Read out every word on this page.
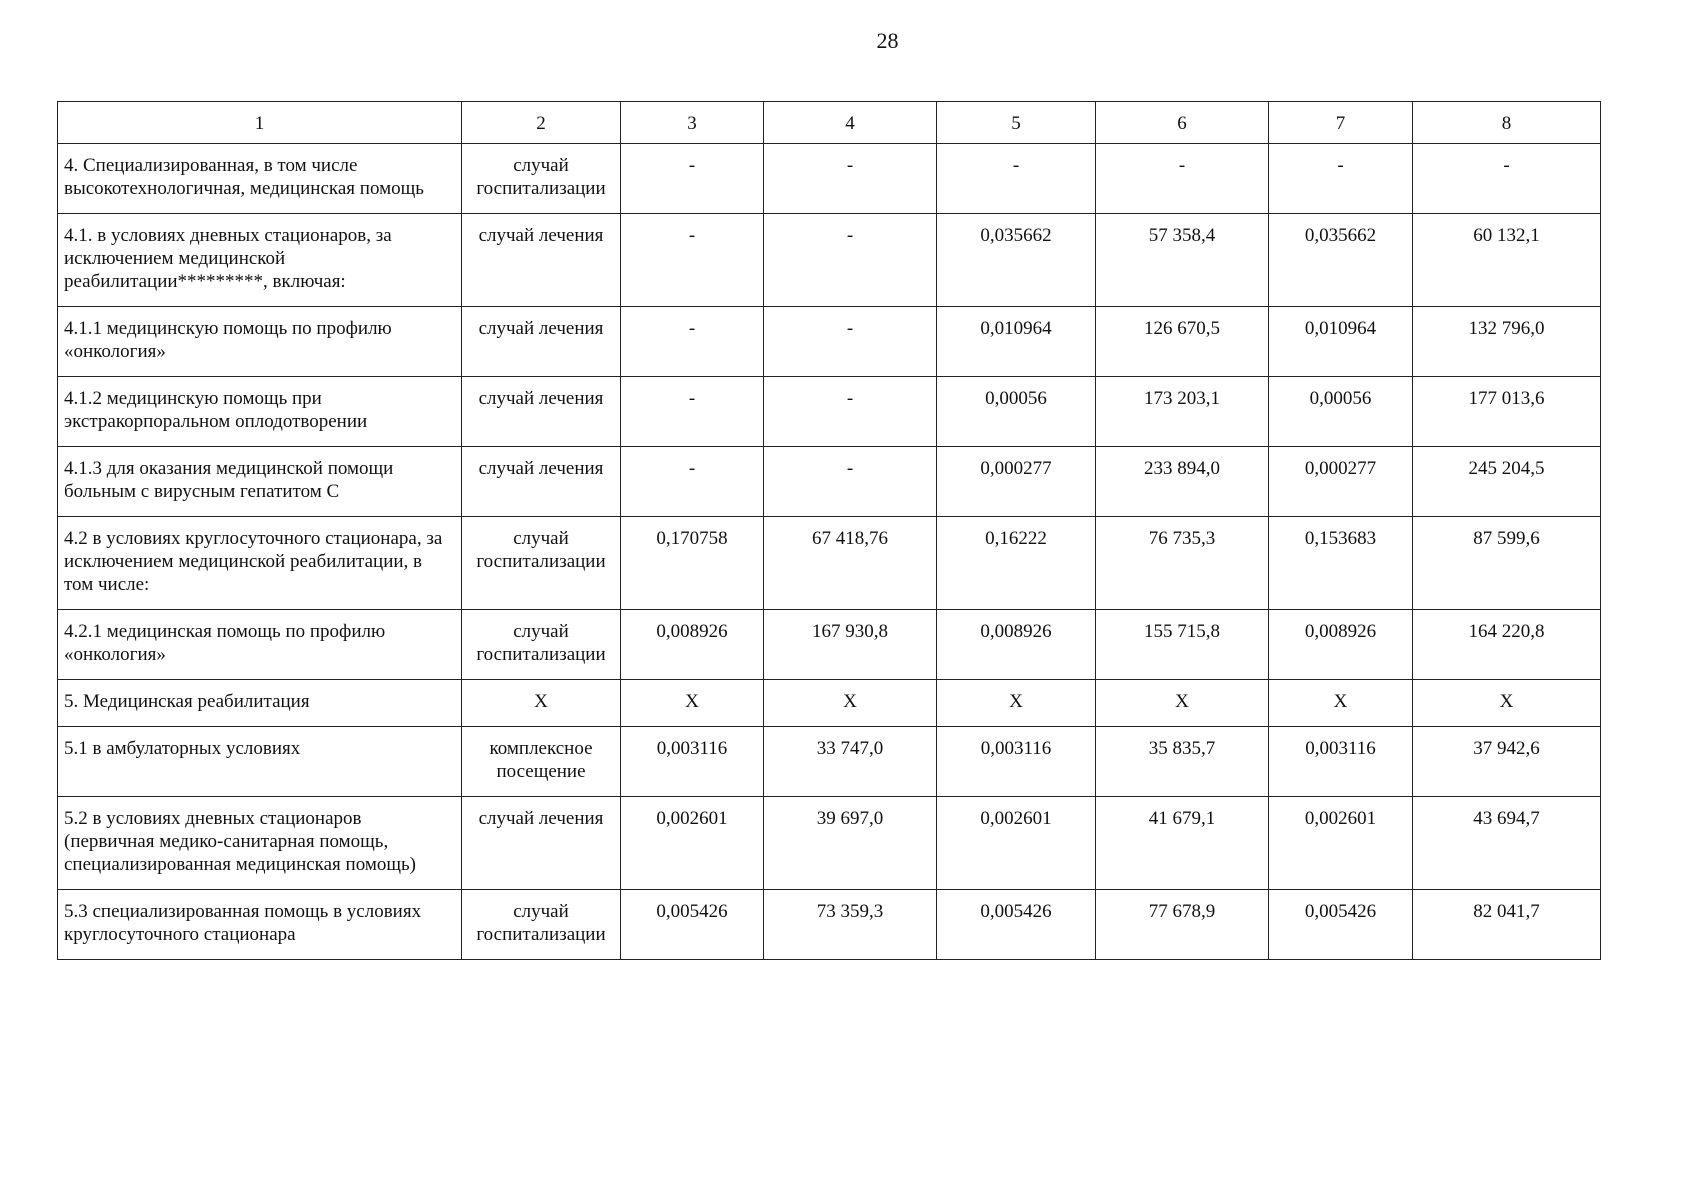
28
1	2	3	4	5	6	7	8
4. Специализированная, в том числе высокотехнологичная, медицинская помощь	случай госпитализации	-	-	-	-	-	-
4.1. в условиях дневных стационаров, за исключением медицинской реабилитации*********, включая:	случай лечения	-	-	0,035662	57 358,4	0,035662	60 132,1
4.1.1 медицинскую помощь по профилю «онкология»	случай лечения	-	-	0,010964	126 670,5	0,010964	132 796,0
4.1.2 медицинскую помощь при экстракорпоральном оплодотворении	случай лечения	-	-	0,00056	173 203,1	0,00056	177 013,6
4.1.3 для оказания медицинской помощи больным с вирусным гепатитом С	случай лечения	-	-	0,000277	233 894,0	0,000277	245 204,5
4.2 в условиях круглосуточного стационара, за исключением медицинской реабилитации, в том числе:	случай госпитализации	0,170758	67 418,76	0,16222	76 735,3	0,153683	87 599,6
4.2.1 медицинская помощь по профилю «онкология»	случай госпитализации	0,008926	167 930,8	0,008926	155 715,8	0,008926	164 220,8
5. Медицинская реабилитация	Х	Х	Х	Х	Х	Х	Х
5.1 в амбулаторных условиях	комплексное посещение	0,003116	33 747,0	0,003116	35 835,7	0,003116	37 942,6
5.2 в условиях дневных стационаров (первичная медико-санитарная помощь, специализированная медицинская помощь)	случай лечения	0,002601	39 697,0	0,002601	41 679,1	0,002601	43 694,7
5.3 специализированная помощь в условиях круглосуточного стационара	случай госпитализации	0,005426	73 359,3	0,005426	77 678,9	0,005426	82 041,7
